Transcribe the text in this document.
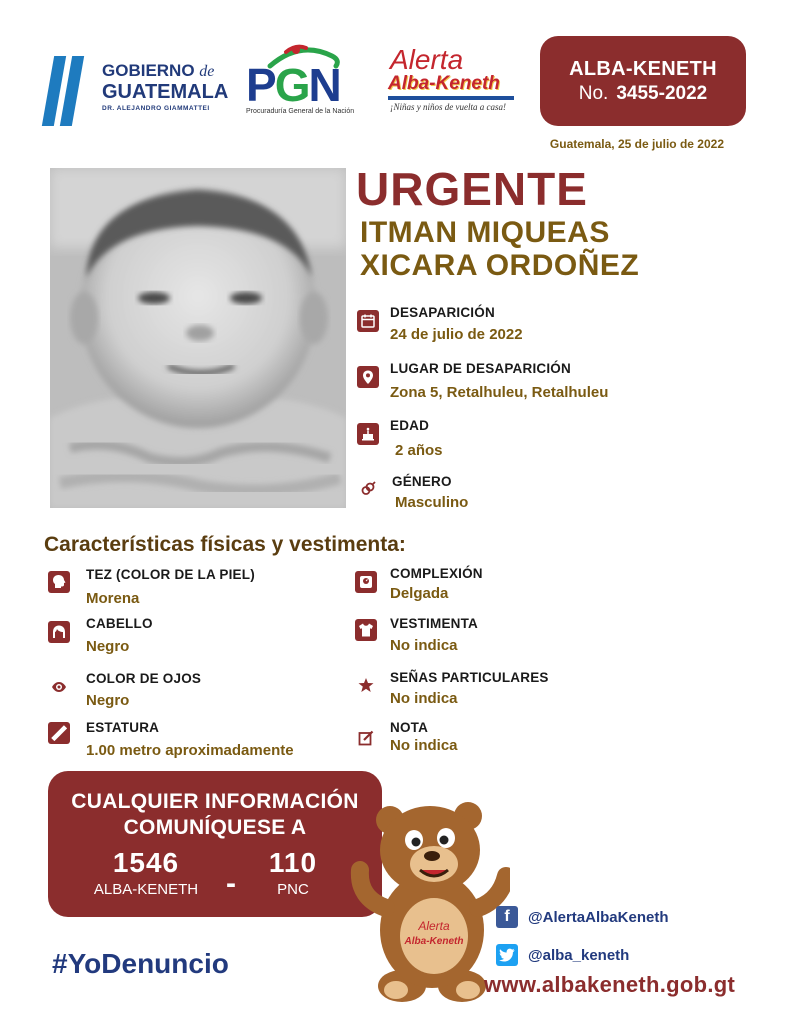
GOBIERNO de
GUATEMALA
DR. ALEJANDRO GIAMMATTEI PGN
Procuraduría General de la Nación
Alerta
Alba-Keneth
¡Niñas y niños de vuelta a casa!
ALBA-KENETH
No. 3455-2022
Guatemala, 25 de julio de 2022
URGENTE
ITMAN MIQUEAS
XICARA ORDOÑEZ
DESAPARICIÓN
24 de julio de 2022
LUGAR DE DESAPARICIÓN
Zona 5, Retalhuleu, Retalhuleu
EDAD
2 años
GÉNERO
Masculino
Características físicas y vestimenta:
TEZ (COLOR DE LA PIEL)
Morena
CABELLO
Negro
COLOR DE OJOS
Negro
ESTATURA
1.00 metro aproximadamente
COMPLEXIÓN
Delgada
VESTIMENTA
No indica
SEÑAS PARTICULARES
No indica
NOTA
No indica
CUALQUIER INFORMACIÓN
COMUNÍQUESE A
1546
ALBA-KENETH -
110
PNC
Alerta
Alba-Keneth
#YoDenuncio
f	@AlertaAlbaKeneth
@alba_keneth
www.albakeneth.gob.gt
